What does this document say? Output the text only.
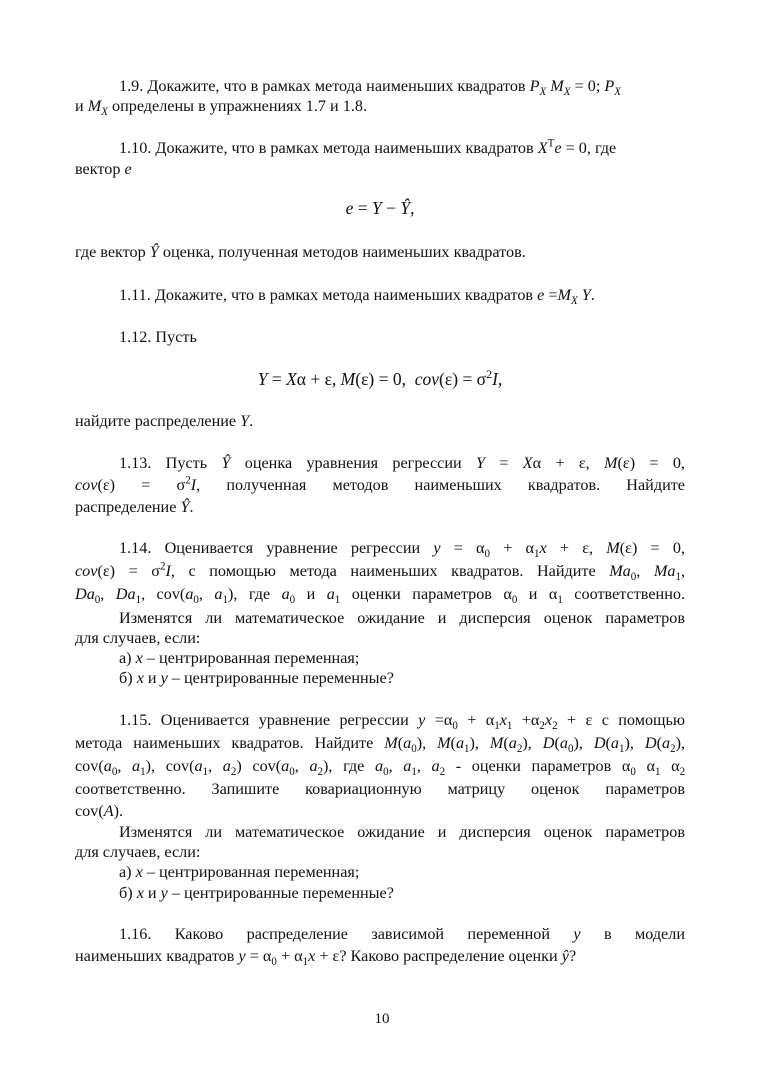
1.9. Докажите, что в рамках метода наименьших квадратов $P_X$ $M_X = 0$; $P_X$
и $M_X$ определены в упражнениях 1.7 и 1.8.
1.10. Докажите, что в рамках метода наименьших квадратов $X^Te = 0$, где
вектор e
e = Y − Ŷ,
где вектор Ŷ оценка, полученная методов наименьших квадратов.
1.11. Докажите, что в рамках метода наименьших квадратов $e =M_X$ Y.
1.12. Пусть
Y = Xα + ε, M(ε) = 0,  $cov(\varepsilon) = \sigma^2I$,
найдите распределение Y.
1.13. Пусть Ŷ оценка уравнения регрессии Y = Xα + ε, M(ε) = 0,
$cov(\varepsilon) = \sigma^2I$, полученная методов наименьших квадратов. Найдите
распределение Ŷ.
1.14. Оценивается уравнение регрессии $y = \alpha_0 + \alpha_1x + \varepsilon$, M(ε) = 0,
$cov(\varepsilon) = \sigma^2I$, с помощью метода наименьших квадратов. Найдите $Ma_0$, $Ma_1$,
$Da_0$, $Da_1$, $cov(a_0$, $a_1$), где $a_0$ и $a_1$ оценки параметров $\alpha_0$ и $\alpha_1$ соответственно.
Изменятся ли математическое ожидание и дисперсия оценок параметров
для случаев, если:
а) x – центрированная переменная;
б) x и y – центрированные переменные?
1.15. Оценивается уравнение регрессии $y =\alpha_0 + \alpha_1x_1 +\alpha_2x_2 + \varepsilon$ с помощью
метода наименьших квадратов. Найдите $M(a_0)$, $M(a_1)$, $M(a_2)$, $D(a_0)$, $D(a_1)$, $D(a_2)$,
$cov(a_0$, $a_1$), $cov(a_1$, $a_2$) $cov(a_0$, $a_2$), где $a_0$, $a_1$, $a_2$ - оценки параметров $\alpha_0$ $\alpha_1$ $\alpha_2$
соответственно. Запишите ковариационную матрицу оценок параметров
cov(A).
Изменятся ли математическое ожидание и дисперсия оценок параметров
для случаев, если:
а) x – центрированная переменная;
б) x и y – центрированные переменные?
1.16. Каково распределение зависимой переменной y в модели
наименьших квадратов $y = \alpha_0 + \alpha_1x + \varepsilon$? Каково распределение оценки ŷ?
10
